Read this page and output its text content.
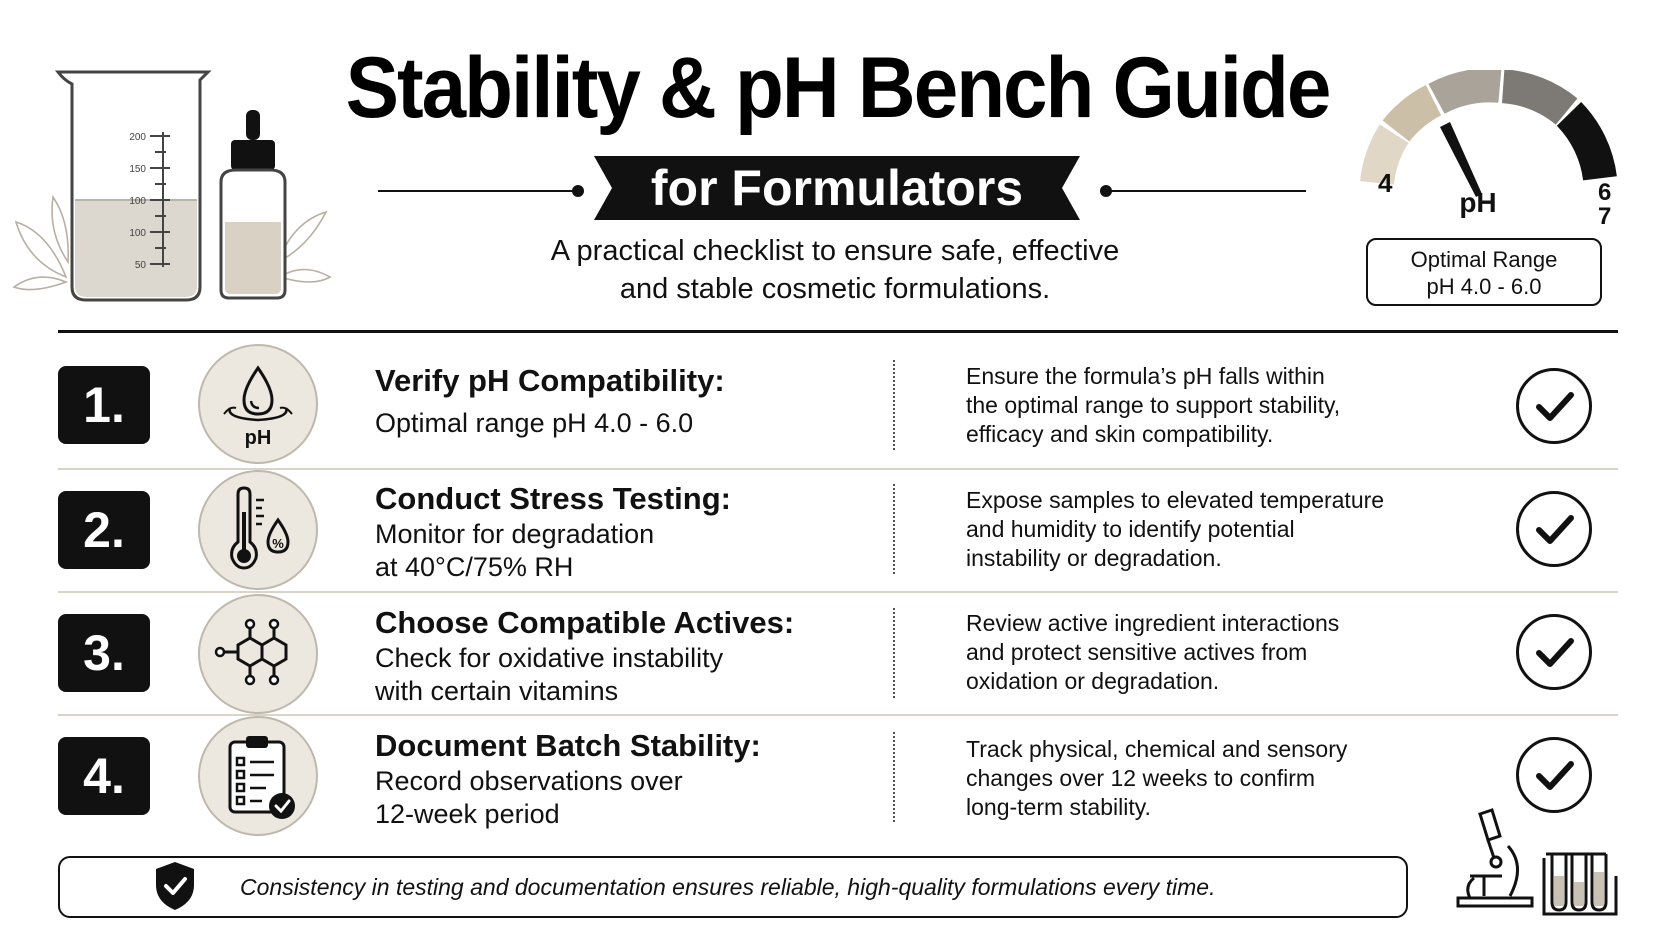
200
150
100
100
50
Stability & pH Bench Guide
for Formulators
A practical checklist to ensure safe, effective
and stable cosmetic formulations.
4
pH	6
7
Optimal Range
pH 4.0 - 6.0
1.
pH
Verify pH Compatibility:
Optimal range pH 4.0 - 6.0
Ensure the formula’s pH falls within
the optimal range to support stability,
efficacy and skin compatibility.
2.	%
Conduct Stress Testing:
Monitor for degradation
at 40°C/75% RH
Expose samples to elevated temperature
and humidity to identify potential
instability or degradation.
3.
Choose Compatible Actives:
Check for oxidative instability
with certain vitamins
Review active ingredient interactions
and protect sensitive actives from
oxidation or degradation.
4.
Document Batch Stability:
Record observations over
12-week period
Track physical, chemical and sensory
changes over 12 weeks to confirm
long-term stability.
Consistency in testing and documentation ensures reliable, high-quality formulations every time.
